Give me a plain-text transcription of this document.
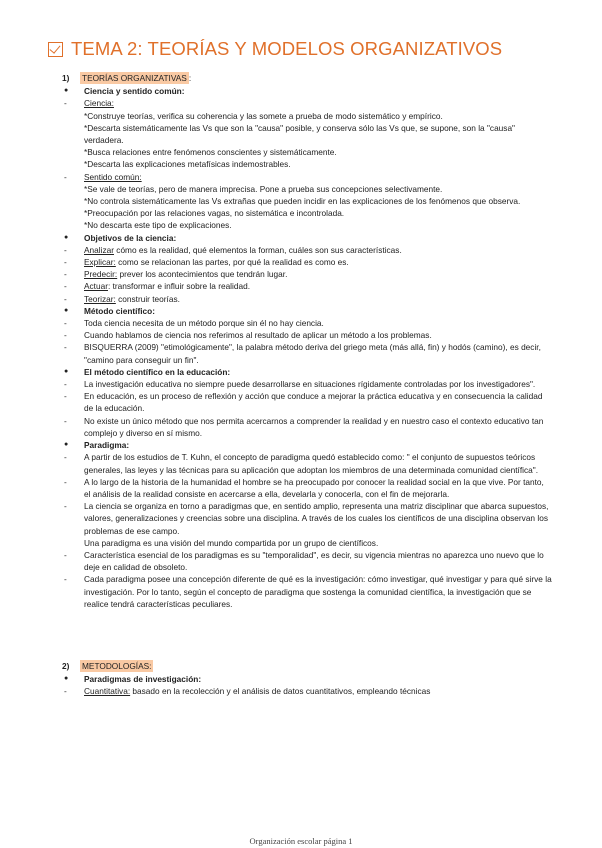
TEMA 2: TEORÍAS Y MODELOS ORGANIZATIVOS
1)	TEORÍAS ORGANIZATIVAS :
●	Ciencia y sentido común:
-	Ciencia:
*Construye teorías, verifica su coherencia y las somete a prueba de modo sistemático y empírico.
*Descarta sistemáticamente las Vs que son la "causa" posible, y conserva sólo las Vs que, se supone, son la "causa" verdadera.
*Busca relaciones entre fenómenos conscientes y sistemáticamente.
*Descarta las explicaciones metafísicas indemostrables.
-	Sentido común:
*Se vale de teorías, pero de manera imprecisa. Pone a prueba sus concepciones selectivamente.
*No controla sistemáticamente las Vs extrañas que pueden incidir en las explicaciones de los fenómenos que observa.
*Preocupación por las relaciones vagas, no sistemática e incontrolada.
*No descarta este tipo de explicaciones.
●	Objetivos de la ciencia:
-	Analizar cómo es la realidad, qué elementos la forman, cuáles son sus características.
-	Explicar: como se relacionan las partes, por qué la realidad es como es.
-	Predecir: prever los acontecimientos que tendrán lugar.
-	Actuar: transformar e influir sobre la realidad.
-	Teorizar: construir teorías.
●	Método científico:
-	Toda ciencia necesita de un método porque sin él no hay ciencia.
-	Cuando hablamos de ciencia nos referimos al resultado de aplicar un método a los problemas.
-	BISQUERRA (2009) "etimológicamente", la palabra método deriva del griego meta (más allá, fin) y hodós (camino), es decir, "camino para conseguir un fin".
●	El método científico en la educación:
-	La investigación educativa no siempre puede desarrollarse en situaciones rígidamente controladas por los investigadores".
-	En educación, es un proceso de reflexión y acción que conduce a mejorar la práctica educativa y en consecuencia la calidad de la educación.
-	No existe un único método que nos permita acercarnos a comprender la realidad y en nuestro caso el contexto educativo tan complejo y diverso en sí mismo.
●	Paradigma:
-	A partir de los estudios de T. Kuhn, el concepto de paradigma quedó establecido como: " el conjunto de supuestos teóricos generales, las leyes y las técnicas para su aplicación que adoptan los miembros de una determinada comunidad científica".
-	A lo largo de la historia de la humanidad el hombre se ha preocupado por conocer la realidad social en la que vive. Por tanto, el análisis de la realidad consiste en acercarse a ella, develarla y conocerla, con el fin de mejorarla.
-	La ciencia se organiza en torno a paradigmas que, en sentido amplio, representa una matriz disciplinar que abarca supuestos, valores, generalizaciones y creencias sobre una disciplina. A través de los cuales los científicos de una disciplina observan los problemas de ese campo.
Una paradigma es una visión del mundo compartida por un grupo de científicos.
-	Característica esencial de los paradigmas es su "temporalidad", es decir, su vigencia mientras no aparezca uno nuevo que lo deje en calidad de obsoleto.
-	Cada paradigma posee una concepción diferente de qué es la investigación: cómo investigar, qué investigar y para qué sirve la investigación. Por lo tanto, según el concepto de paradigma que sostenga la comunidad científica, la investigación que se realice tendrá características peculiares.
2)	METODOLOGÍAS:
●	Paradigmas de investigación:
-	Cuantitativa: basado en la recolección y el análisis de datos cuantitativos, empleando técnicas
Organización escolar página 1
